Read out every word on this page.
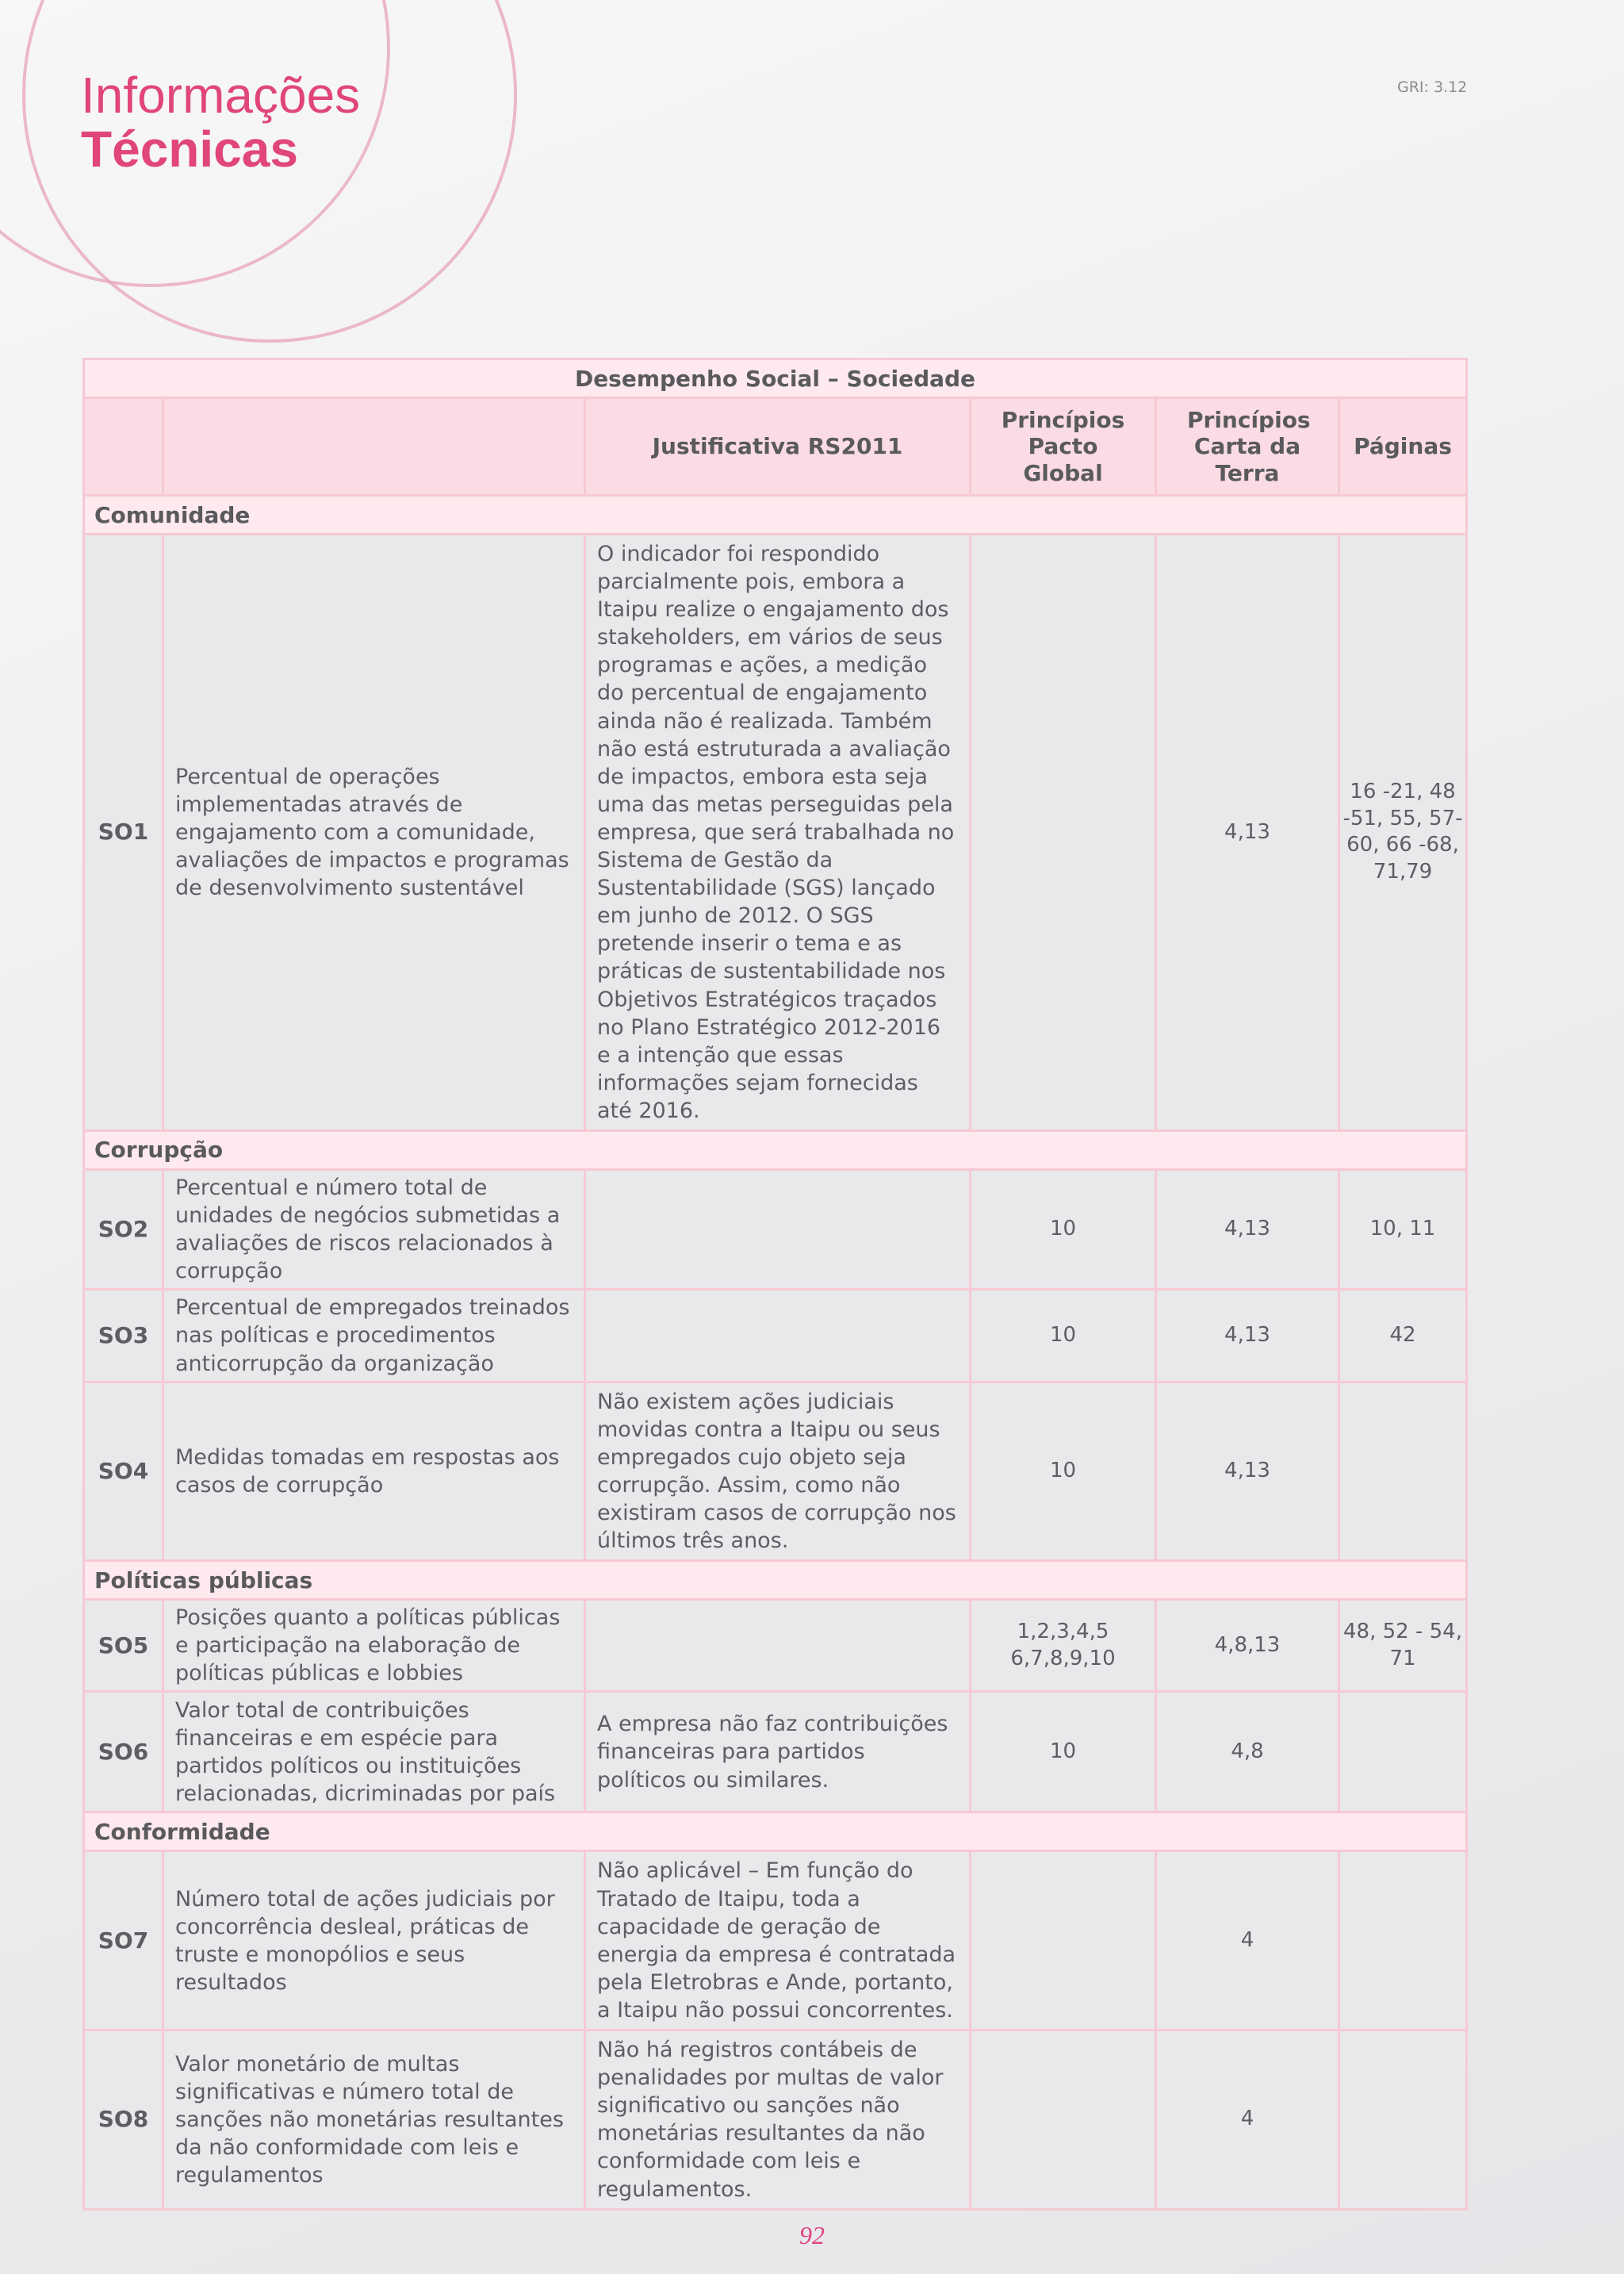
Informações
Técnicas
GRI: 3.12
Desempenho Social – Sociedade					
		Justificativa RS2011	Princípios Pacto Global	Princípios Carta da Terra	Páginas
Comunidade					
SO1	Percentual de operações implementadas através de engajamento com a comunidade, avaliações de impactos e programas de desenvolvimento sustentável	O indicador foi respondido parcialmente pois, embora a Itaipu realize o engajamento dos stakeholders, em vários de seus programas e ações, a medição do percentual de engajamento ainda não é realizada. Também não está estruturada a avaliação de impactos, embora esta seja uma das metas perseguidas pela empresa, que será trabalhada no Sistema de Gestão da Sustentabilidade (SGS) lançado em junho de 2012. O SGS pretende inserir o tema e as práticas de sustentabilidade nos Objetivos Estratégicos traçados no Plano Estratégico 2012-2016 e a intenção que essas informações sejam fornecidas até 2016.		4,13	16 -21, 48 -51, 55, 57-60, 66 -68, 71,79
Corrupção					
SO2	Percentual e número total de unidades de negócios submetidas a avaliações de riscos relacionados à corrupção		10	4,13	10, 11
SO3	Percentual de empregados treinados nas políticas e procedimentos anticorrupção da organização		10	4,13	42
SO4	Medidas tomadas em respostas aos casos de corrupção	Não existem ações judiciais movidas contra a Itaipu ou seus empregados cujo objeto seja corrupção. Assim, como não existiram casos de corrupção nos últimos três anos.	10	4,13	
Políticas públicas					
SO5	Posições quanto a políticas públicas e participação na elaboração de políticas públicas e lobbies		1,2,3,4,5 6,7,8,9,10	4,8,13	48, 52 - 54, 71
SO6	Valor total de contribuições financeiras e em espécie para partidos políticos ou instituições relacionadas, dicriminadas por país	A empresa não faz contribuições financeiras para partidos políticos ou similares.	10	4,8	
Conformidade					
SO7	Número total de ações judiciais por concorrência desleal, práticas de truste e monopólios e seus resultados	Não aplicável – Em função do Tratado de Itaipu, toda a capacidade de geração de energia da empresa é contratada pela Eletrobras e Ande, portanto, a Itaipu não possui concorrentes.		4	
SO8	Valor monetário de multas significativas e número total de sanções não monetárias resultantes da não conformidade com leis e regulamentos	Não há registros contábeis de penalidades por multas de valor significativo ou sanções não monetárias resultantes da não conformidade com leis e regulamentos.		4	
92
